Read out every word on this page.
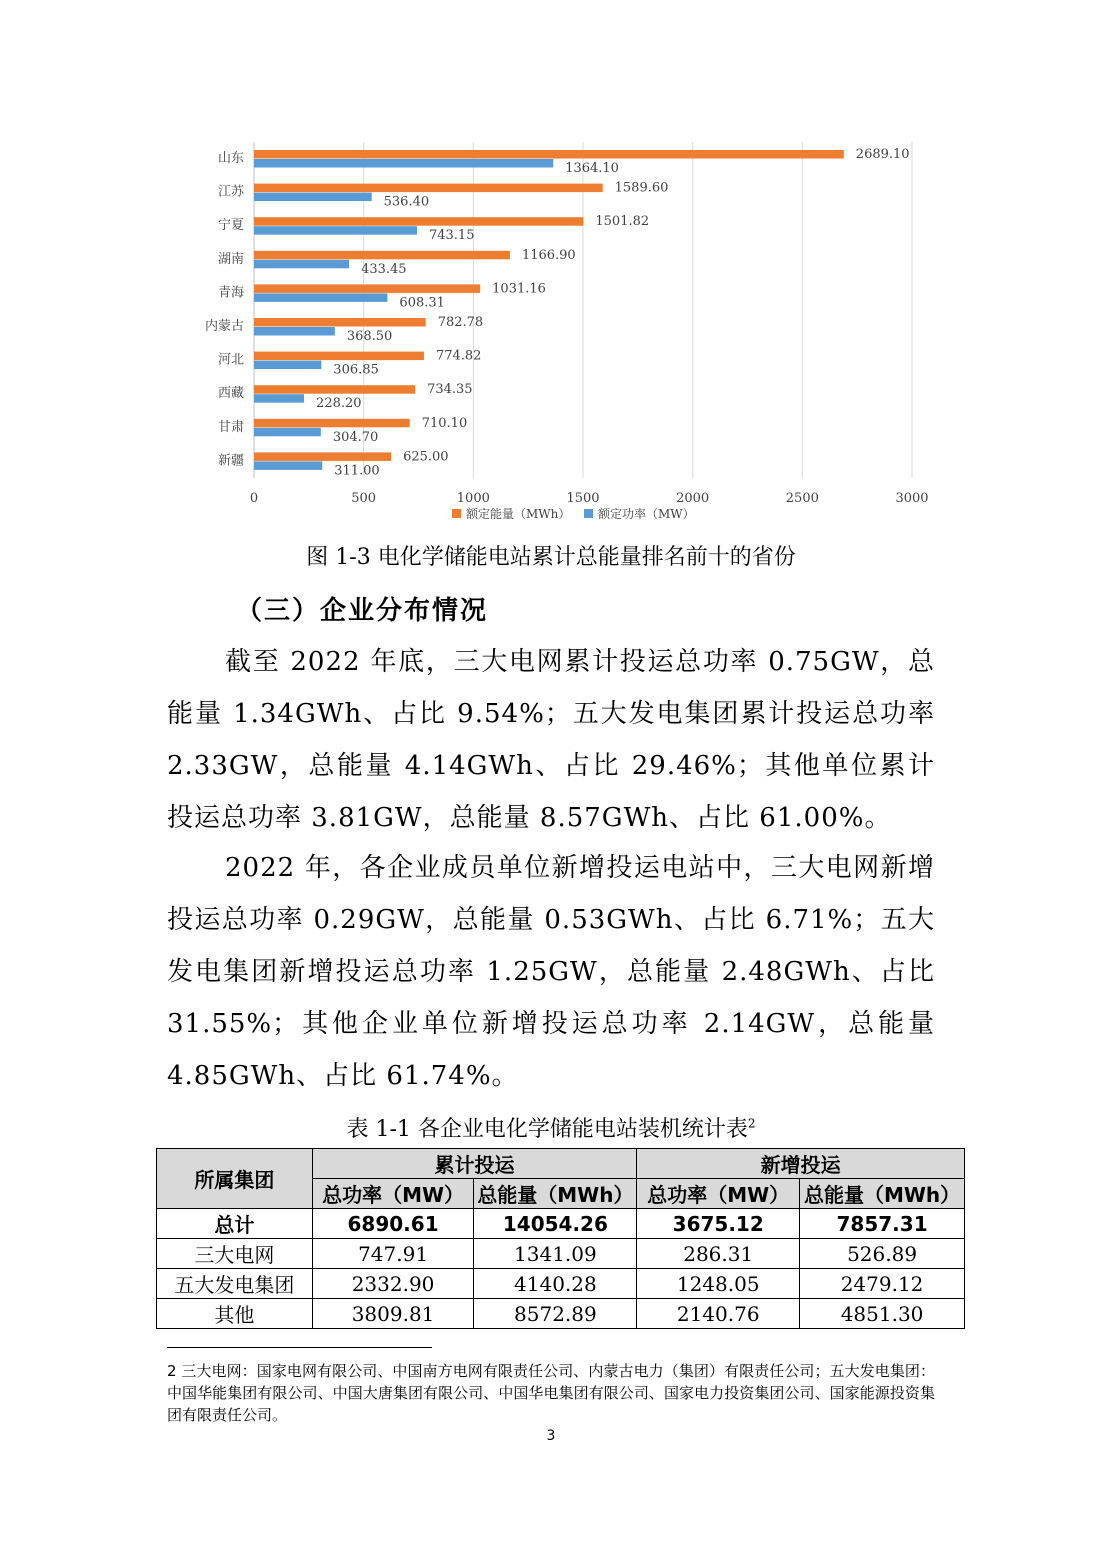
0	500	1000	1500	2000	2500	3000
山东	2689.10
1364.10
江苏	1589.60
536.40
宁夏	1501.82
743.15
湖南	1166.90
433.45
青海	1031.16
608.31
内蒙古	782.78
368.50
河北	774.82
306.85
西藏	734.35
228.20
甘肃	710.10
304.70
新疆	625.00
311.00
额定能量（MWh） 额定功率（MW）
图 1-3 电化学储能电站累计总能量排名前十的省份
（三）企业分布情况
截至 2022 年底，三大电网累计投运总功率 0.75GW，总能量 1.34GWh、占比 9.54%；五大发电集团累计投运总功率 2.33GW，总能量 4.14GWh、占比 29.46%；其他单位累计投运总功率 3.81GW，总能量 8.57GWh、占比 61.00%。
2022 年，各企业成员单位新增投运电站中，三大电网新增投运总功率 0.29GW，总能量 0.53GWh、占比 6.71%；五大发电集团新增投运总功率 1.25GW，总能量 2.48GWh、占比 31.55%；其他企业单位新增投运总功率 2.14GW，总能量 4.85GWh、占比 61.74%。
表 1-1 各企业电化学储能电站装机统计表$^2$
所属集团	累计投运		新增投运	
	总功率（MW）	总能量（MWh）	总功率（MW）	总能量（MWh）
总计	6890.61	14054.26	3675.12	7857.31
三大电网	747.91	1341.09	286.31	526.89
五大发电集团	2332.90	4140.28	1248.05	2479.12
其他	3809.81	8572.89	2140.76	4851.30
2 三大电网：国家电网有限公司、中国南方电网有限责任公司、内蒙古电力（集团）有限责任公司；五大发电集团：中国华能集团有限公司、中国大唐集团有限公司、中国华电集团有限公司、国家电力投资集团公司、国家能源投资集团有限责任公司。
3
